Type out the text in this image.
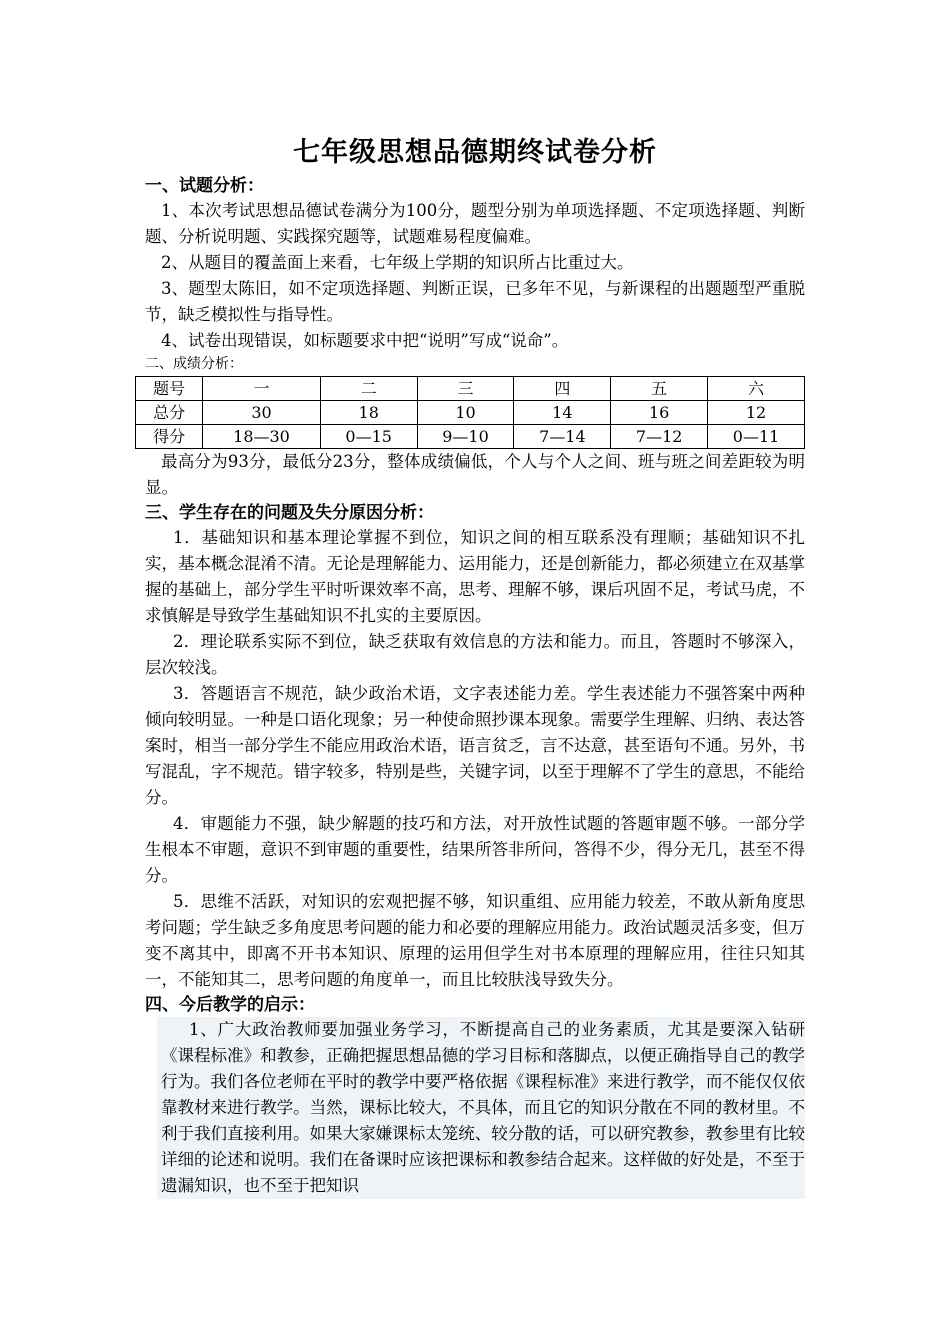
七年级思想品德期终试卷分析
一、试题分析：

1、本次考试思想品德试卷满分为100分，题型分别为单项选择题、不定项选择题、判断题、分析说明题、实践探究题等，试题难易程度偏难。

2、从题目的覆盖面上来看，七年级上学期的知识所占比重过大。

3、题型太陈旧，如不定项选择题、判断正误，已多年不见，与新课程的出题题型严重脱节，缺乏模拟性与指导性。

4、试卷出现错误，如标题要求中把“说明”写成“说命”。

二、成绩分析：
题号	一	二	三	四	五	六
总分	30	18	10	14	16	12
得分	18—30	0—15	9—10	7—14	7—12	0—11

最高分为93分，最低分23分，整体成绩偏低，个人与个人之间、班与班之间差距较为明显。

三、学生存在的问题及失分原因分析：

1．基础知识和基本理论掌握不到位，知识之间的相互联系没有理顺；基础知识不扎实，基本概念混淆不清。无论是理解能力、运用能力，还是创新能力，都必须建立在双基掌握的基础上，部分学生平时听课效率不高，思考、理解不够，课后巩固不足，考试马虎，不求慎解是导致学生基础知识不扎实的主要原因。

2．理论联系实际不到位，缺乏获取有效信息的方法和能力。而且，答题时不够深入，层次较浅。

3．答题语言不规范，缺少政治术语，文字表述能力差。学生表述能力不强答案中两种倾向较明显。一种是口语化现象；另一种使命照抄课本现象。需要学生理解、归纳、表达答案时，相当一部分学生不能应用政治术语，语言贫乏，言不达意，甚至语句不通。另外，书写混乱，字不规范。错字较多，特别是些，关键字词，以至于理解不了学生的意思，不能给分。

4．审题能力不强，缺少解题的技巧和方法，对开放性试题的答题审题不够。一部分学生根本不审题，意识不到审题的重要性，结果所答非所问，答得不少，得分无几，甚至不得分。

5．思维不活跃，对知识的宏观把握不够，知识重组、应用能力较差，不敢从新角度思考问题；学生缺乏多角度思考问题的能力和必要的理解应用能力。政治试题灵活多变，但万变不离其中，即离不开书本知识、原理的运用但学生对书本原理的理解应用，往往只知其一，不能知其二，思考问题的角度单一，而且比较肤浅导致失分。

四、今后教学的启示：

1、广大政治教师要加强业务学习，不断提高自己的业务素质，尤其是要深入钻研《课程标准》和教参，正确把握思想品德的学习目标和落脚点，以便正确指导自己的教学行为。我们各位老师在平时的教学中要严格依据《课程标准》来进行教学，而不能仅仅依靠教材来进行教学。当然，课标比较大，不具体，而且它的知识分散在不同的教材里。不利于我们直接利用。如果大家嫌课标太笼统、较分散的话，可以研究教参，教参里有比较详细的论述和说明。我们在备课时应该把课标和教参结合起来。这样做的好处是，不至于遗漏知识，也不至于把知识
